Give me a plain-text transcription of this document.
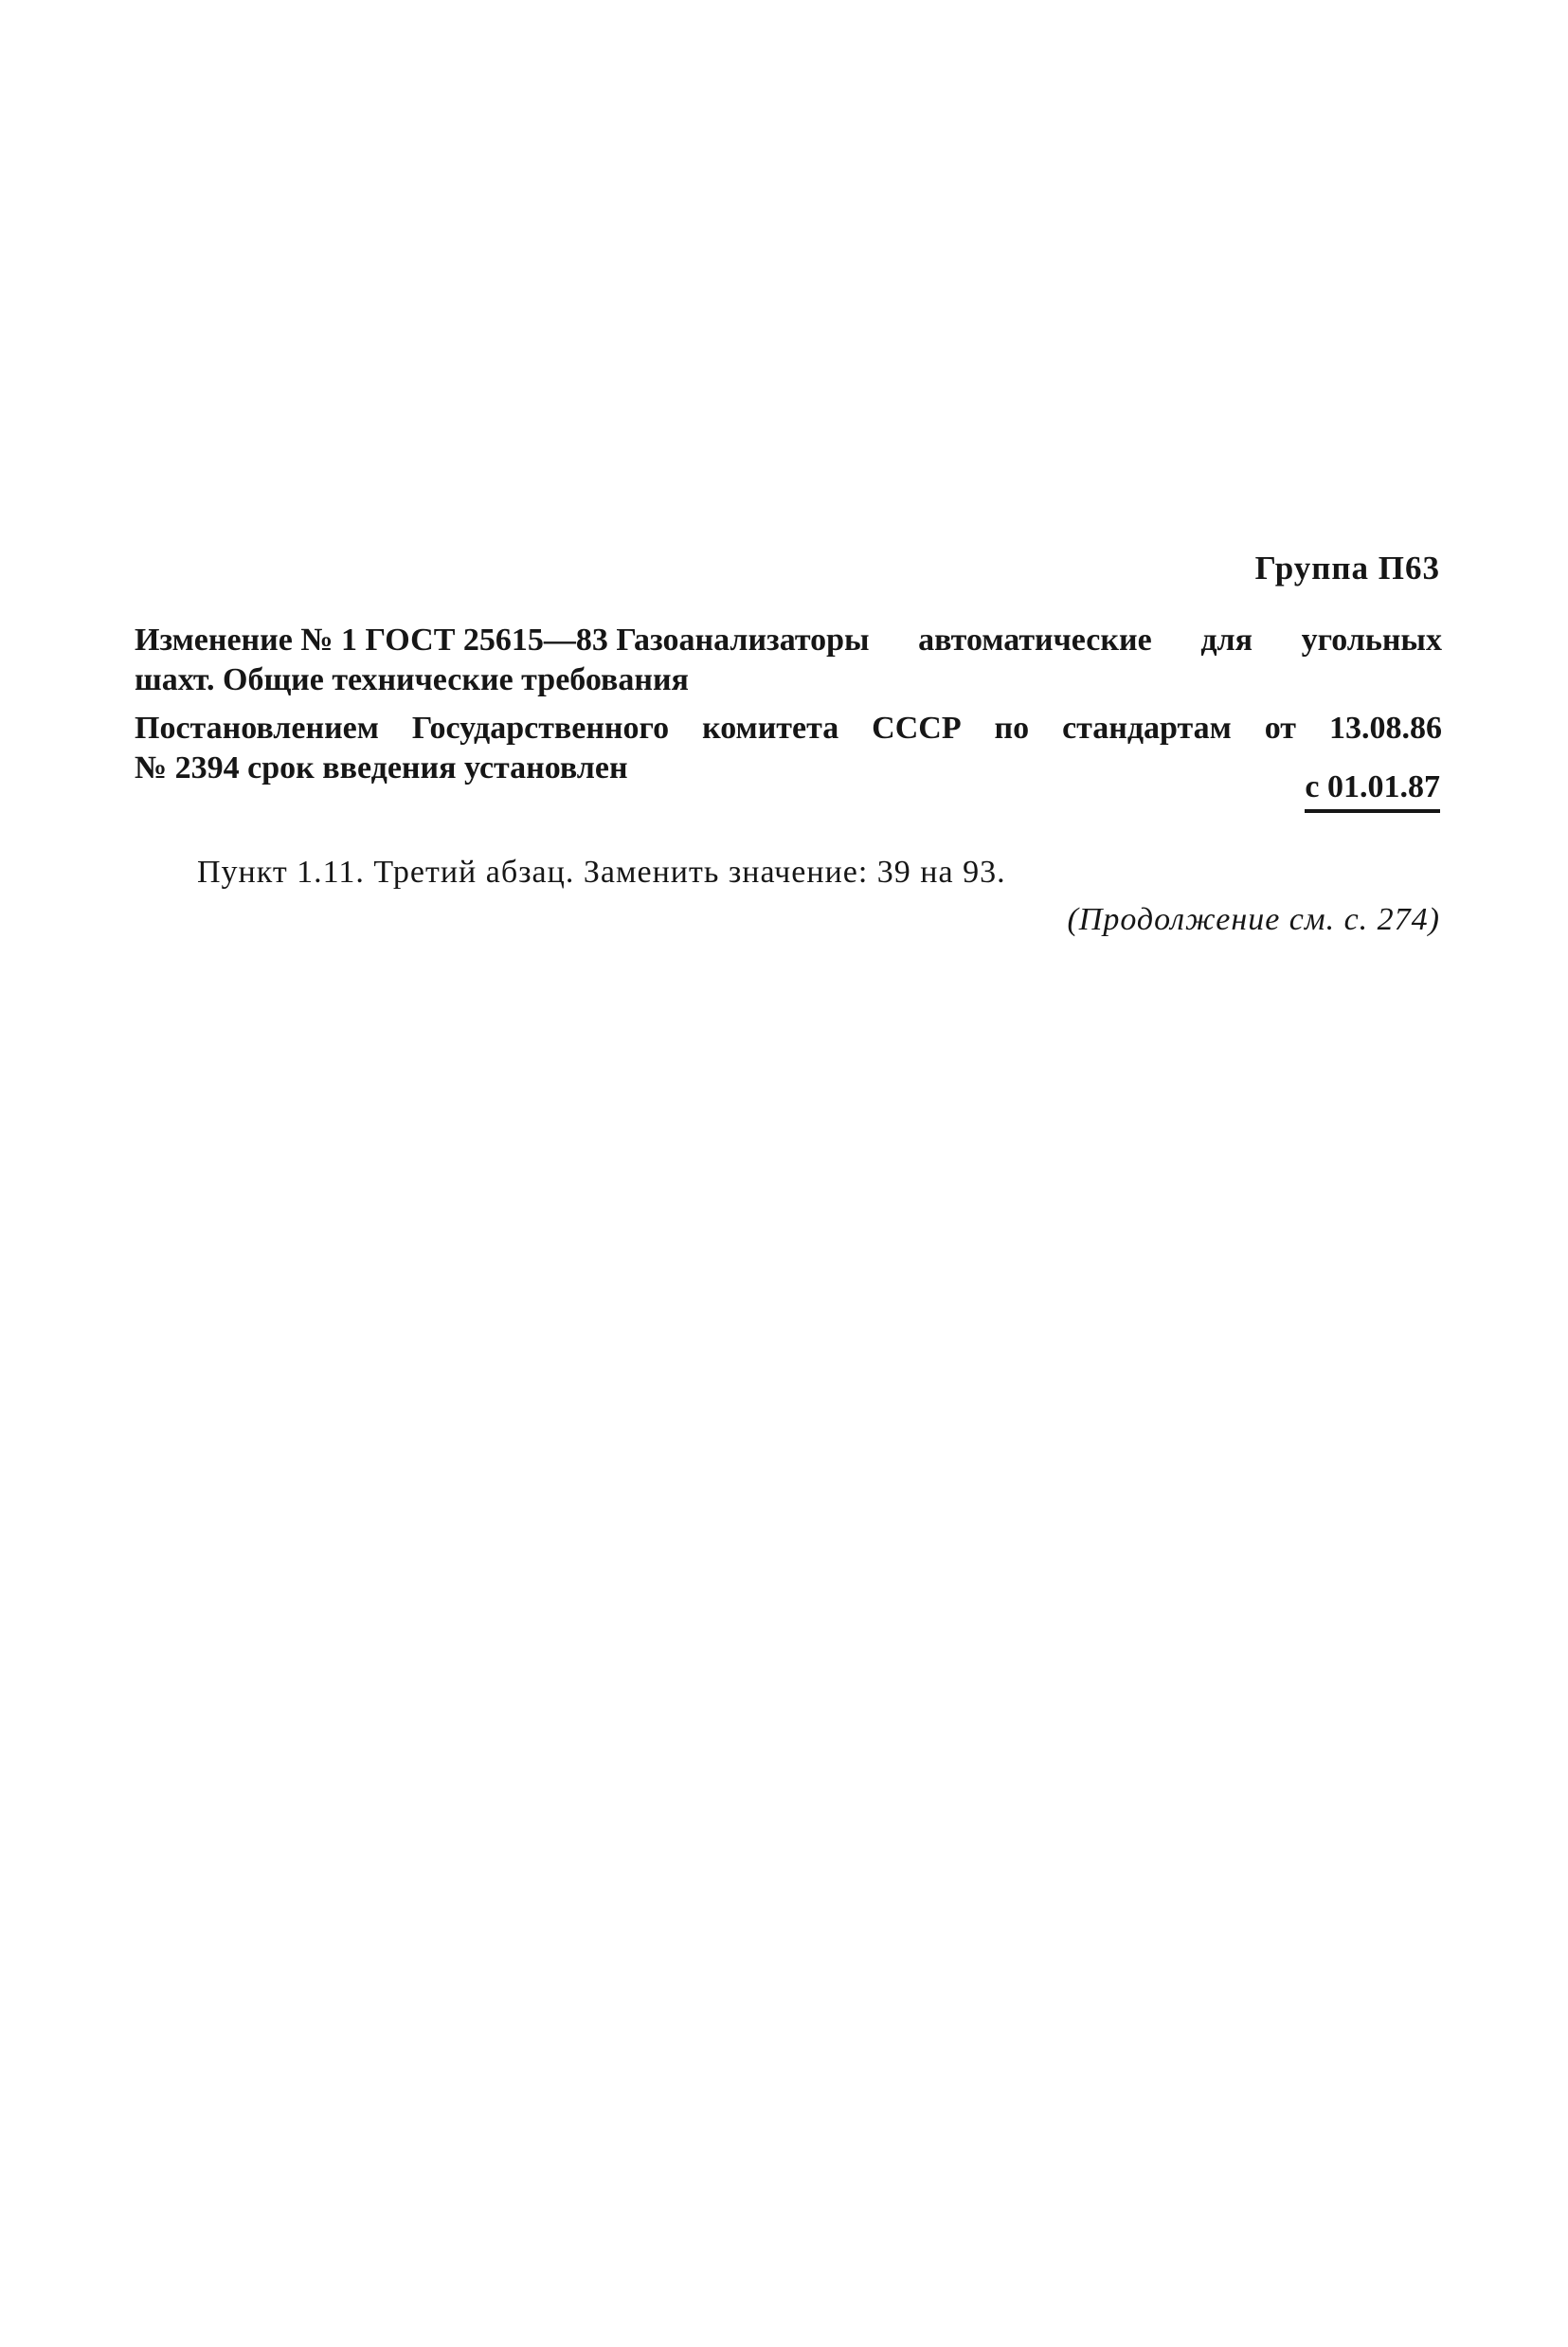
Группа П63
Изменение № 1 ГОСТ 25615—83 Газоанализаторы автоматические для угольных
шахт. Общие технические требования
Постановлением Государственного комитета СССР по стандартам от 13.08.86
№ 2394 срок введения установлен
с 01.01.87
Пункт 1.11. Третий абзац. Заменить значение: 39 на 93.
(Продолжение см. с. 274)
